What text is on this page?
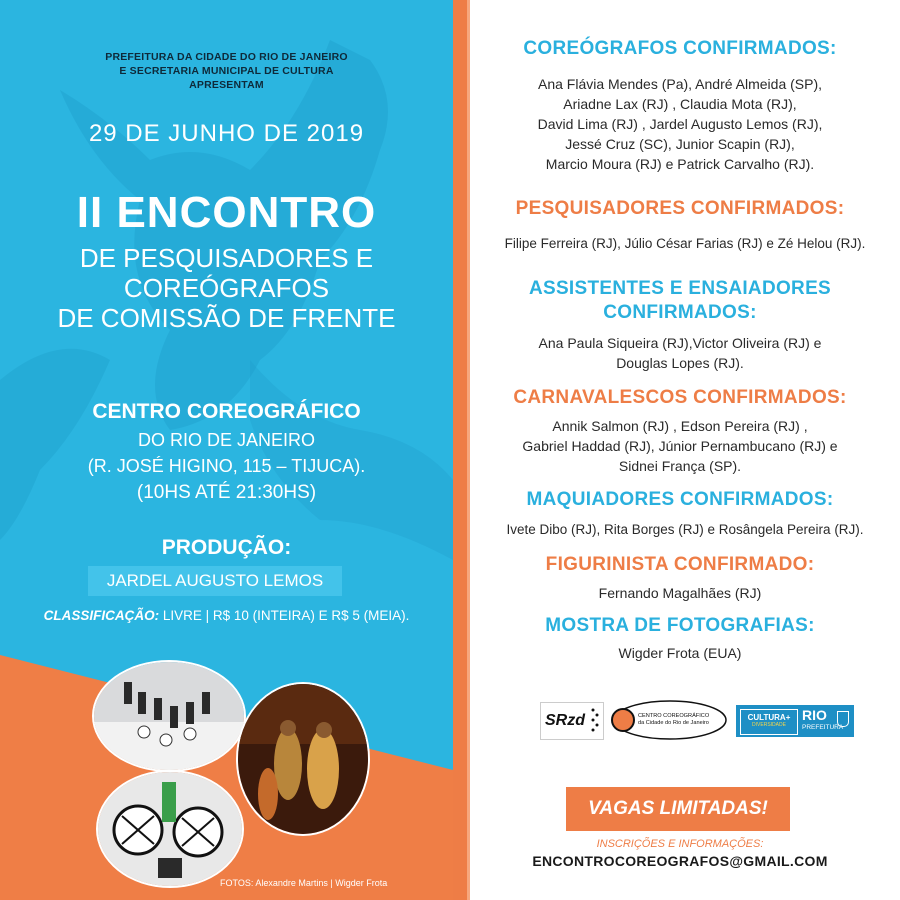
PREFEITURA DA CIDADE DO RIO DE JANEIRO
E SECRETARIA MUNICIPAL DE CULTURA
APRESENTAM
29 DE JUNHO DE 2019
II ENCONTRO
DE PESQUISADORES E
COREÓGRAFOS
DE COMISSÃO DE FRENTE
CENTRO COREOGRÁFICO
DO RIO DE JANEIRO
(R. JOSÉ HIGINO, 115 – TIJUCA).
(10HS ATÉ 21:30HS)
PRODUÇÃO:
JARDEL AUGUSTO LEMOS
CLASSIFICAÇÃO: LIVRE | R$ 10 (INTEIRA) E R$ 5 (MEIA).
FOTOS: Alexandre Martins | Wigder Frota
COREÓGRAFOS CONFIRMADOS:
Ana Flávia Mendes (Pa), André Almeida (SP),
Ariadne Lax (RJ) , Claudia Mota (RJ),
David Lima (RJ) , Jardel Augusto Lemos (RJ),
Jessé Cruz (SC), Junior Scapin (RJ),
Marcio Moura (RJ) e Patrick Carvalho (RJ).
PESQUISADORES CONFIRMADOS:
Filipe Ferreira (RJ), Júlio César Farias (RJ) e Zé Helou (RJ).
ASSISTENTES E ENSAIADORES
CONFIRMADOS:
Ana Paula Siqueira (RJ),Victor Oliveira (RJ) e
Douglas Lopes (RJ).
CARNAVALESCOS CONFIRMADOS:
Annik Salmon (RJ) , Edson Pereira (RJ) ,
Gabriel Haddad (RJ), Júnior Pernambucano (RJ) e
Sidnei França (SP).
MAQUIADORES CONFIRMADOS:
Ivete Dibo (RJ), Rita Borges (RJ) e Rosângela Pereira (RJ).
FIGURINISTA CONFIRMADO:
Fernando Magalhães (RJ)
MOSTRA DE FOTOGRAFIAS:
Wigder Frota (EUA)
SRzd	CENTRO COREOGRÁFICO
da Cidade do Rio de Janeiro
CULTURA+
DIVERSIDADE
RIO
PREFEITURA
VAGAS LIMITADAS!
INSCRIÇÕES E INFORMAÇÕES:
ENCONTROCOREOGRAFOS@GMAIL.COM
